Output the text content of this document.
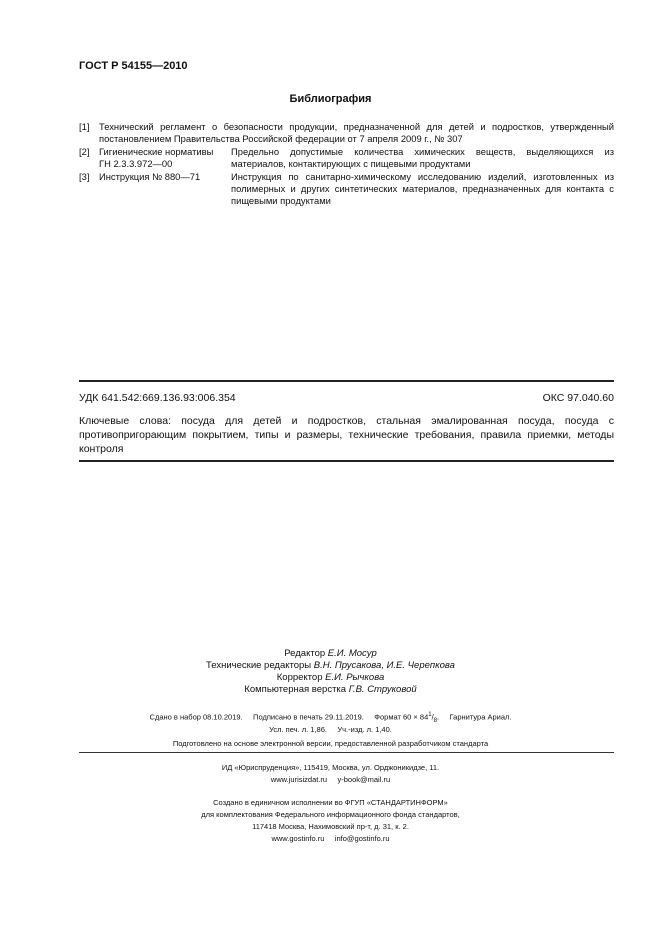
ГОСТ Р 54155—2010
Библиография
[1] Технический регламент о безопасности продукции, предназначенной для детей и подростков, утвержденный постановлением Правительства Российской федерации от 7 апреля 2009 г., № 307
[2] Гигиенические нормативы
ГН 2.3.3.972—00
Предельно допустимые количества химических веществ, выделяющихся из материалов, контактирующих с пищевыми продуктами
[3] Инструкция № 880—71	Инструкция по санитарно-химическому исследованию изделий, изготовленных из полимерных и других синтетических материалов, предназначенных для контакта с пищевыми продуктами
УДК 641.542:669.136.93:006.354	ОКС 97.040.60
Ключевые слова: посуда для детей и подростков, стальная эмалированная посуда, посуда с противопригорающим покрытием, типы и размеры, технические требования, правила приемки, методы контроля
Редактор Е.И. Мосур
Технические редакторы В.Н. Прусакова, И.Е. Черепкова
Корректор Е.И. Рычкова
Компьютерная верстка Г.В. Струковой
Сдано в набор 08.10.2019. Подписано в печать 29.11.2019. Формат $60 \times 84^1/_8$.     Гарнитура Ариал.
Усл. печ. л. 1,86. Уч.-изд. л. 1,40.
Подготовлено на основе электронной версии, предоставленной разработчиком стандарта
ИД «Юриспруденция», 115419, Москва, ул. Орджоникидзе, 11.
www.jurisizdat.ru y-book@mail.ru
Создано в единичном исполнении во ФГУП «СТАНДАРТИНФОРМ»
для комплектования Федерального информационного фонда стандартов,
117418 Москва, Нахимовский пр-т, д. 31, к. 2.
www.gostinfo.ru info@gostinfo.ru
